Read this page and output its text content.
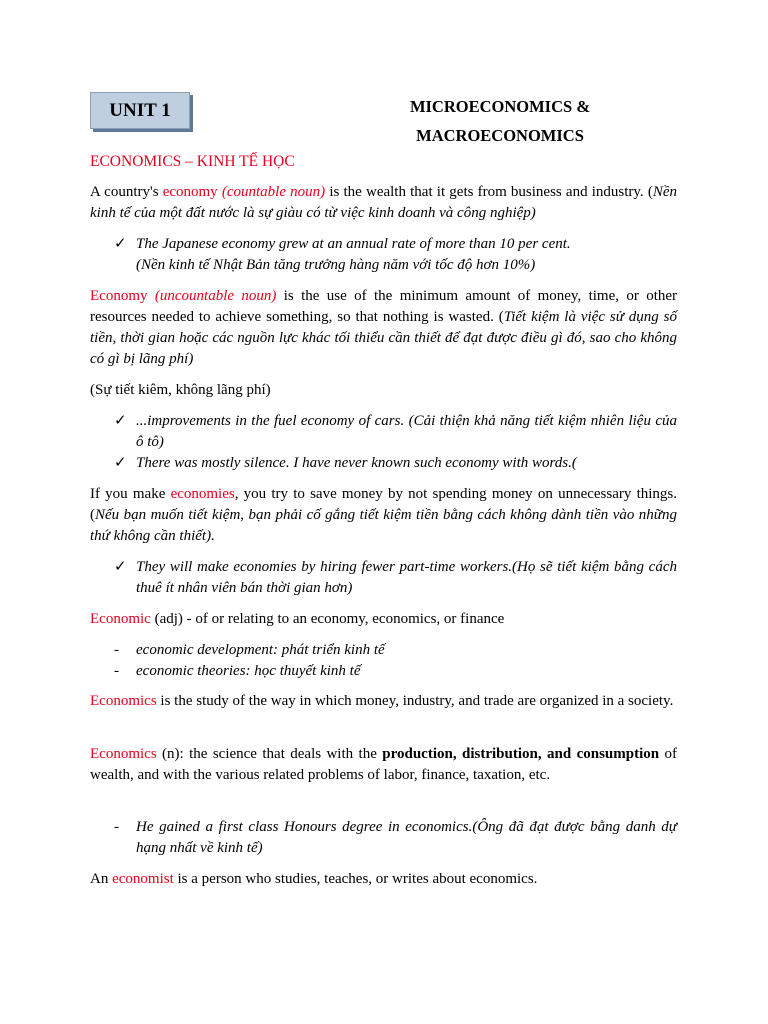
UNIT 1	MICROECONOMICS &
MACROECONOMICS
ECONOMICS – KINH TẾ HỌC
A country's economy (countable noun) is the wealth that it gets from business and industry. (Nền kinh tế của một đất nước là sự giàu có từ việc kinh doanh và công nghiệp)
✓ The Japanese economy grew at an annual rate of more than 10 per cent.
(Nền kinh tế Nhật Bản tăng trưởng hàng năm với tốc độ hơn 10%)
Economy (uncountable noun) is the use of the minimum amount of money, time, or other resources needed to achieve something, so that nothing is wasted. (Tiết kiệm là việc sử dụng số tiền, thời gian hoặc các nguồn lực khác tối thiểu cần thiết để đạt được điều gì đó, sao cho không có gì bị lãng phí)
(Sự tiết kiêm, không lãng phí)
✓ ...improvements in the fuel economy of cars. (Cải thiện khả năng tiết kiệm nhiên liệu của ô tô)
✓ There was mostly silence. I have never known such economy with words.(
If you make economies, you try to save money by not spending money on unnecessary things. (Nếu bạn muốn tiết kiệm, bạn phải cố gắng tiết kiệm tiền bằng cách không dành tiền vào những thứ không cần thiết).
✓ They will make economies by hiring fewer part-time workers.(Họ sẽ tiết kiệm bằng cách thuê ít nhân viên bán thời gian hơn)
Economic (adj) - of or relating to an economy, economics, or finance
- economic development: phát triển kinh tế
- economic theories: học thuyết kinh tế
Economics is the study of the way in which money, industry, and trade are organized in a society.
Economics (n): the science that deals with the production, distribution, and consumption of wealth, and with the various related problems of labor, finance, taxation, etc.
- He gained a first class Honours degree in economics.(Ông đã đạt được bằng danh dự hạng nhất về kinh tế)
An economist is a person who studies, teaches, or writes about economics.
